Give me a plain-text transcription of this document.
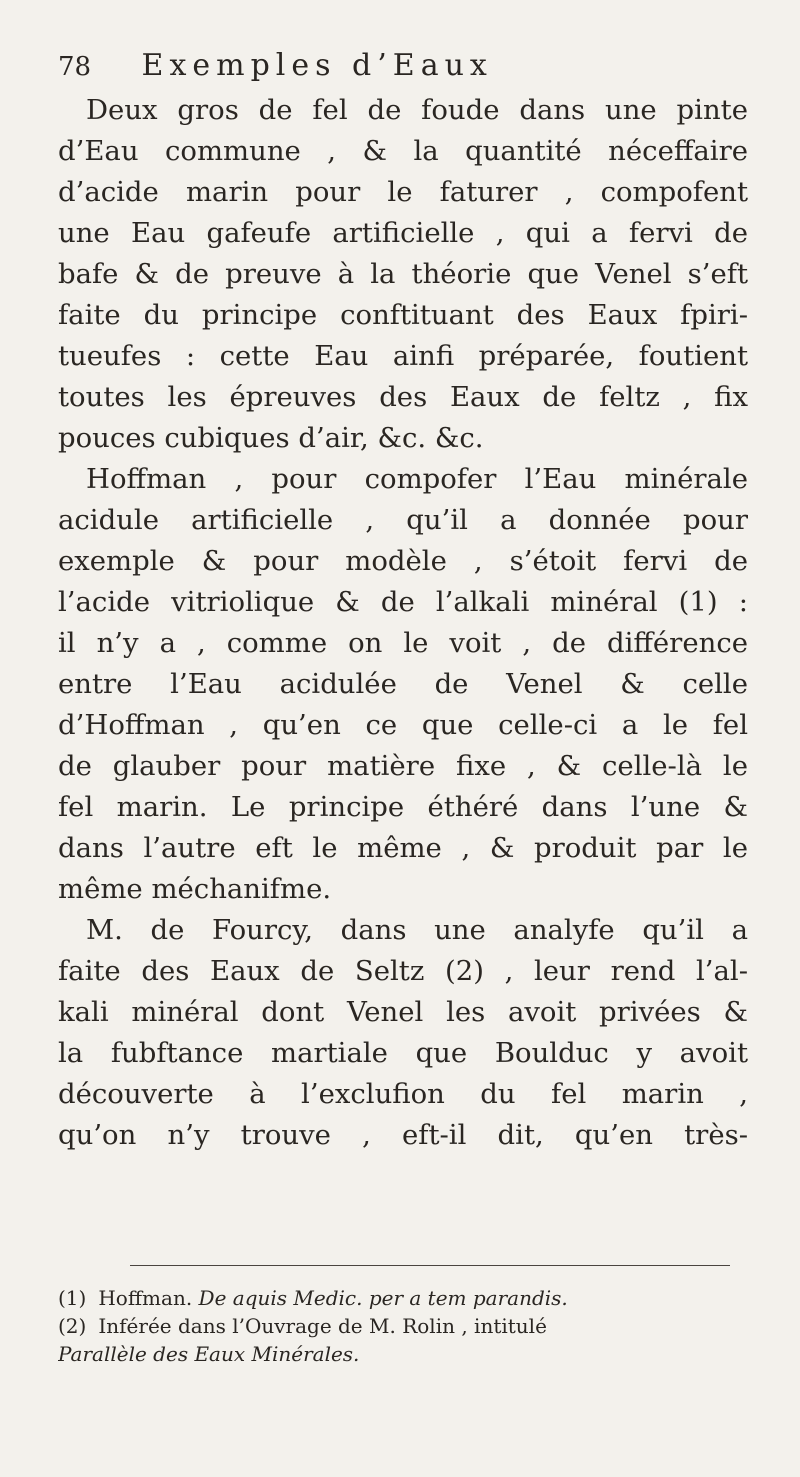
78 Exemples d’Eaux
Deux gros de fel de foude dans une pinte
d’Eau commune , & la quantité néceffaire
d’acide marin pour le faturer , compofent
une Eau gafeufe artificielle , qui a fervi de
bafe & de preuve à la théorie que Venel s’eft
faite du principe conftituant des Eaux fpiri-
tueufes : cette Eau ainfi préparée, foutient
toutes les épreuves des Eaux de feltz , fix
pouces cubiques d’air, &c. &c.
Hoffman , pour compofer l’Eau minérale
acidule artificielle , qu’il a donnée pour
exemple & pour modèle , s’étoit fervi de
l’acide vitriolique & de l’alkali minéral (1) :
il n’y a , comme on le voit , de différence
entre l’Eau acidulée de Venel & celle
d’Hoffman , qu’en ce que celle-ci a le fel
de glauber pour matière fixe , & celle-là le
fel marin. Le principe éthéré dans l’une &
dans l’autre eft le même , & produit par le
même méchanifme.
M. de Fourcy, dans une analyfe qu’il a
faite des Eaux de Seltz (2) , leur rend l’al-
kali minéral dont Venel les avoit privées &
la fubftance martiale que Boulduc y avoit
découverte à l’exclufion du fel marin ,
qu’on n’y trouve , eft-il dit, qu’en très-
(1) Hoffman. De aquis Medic. per a tem parandis.
(2) Inférée dans l’Ouvrage de M. Rolin , intitulé
Parallèle des Eaux Minérales.
